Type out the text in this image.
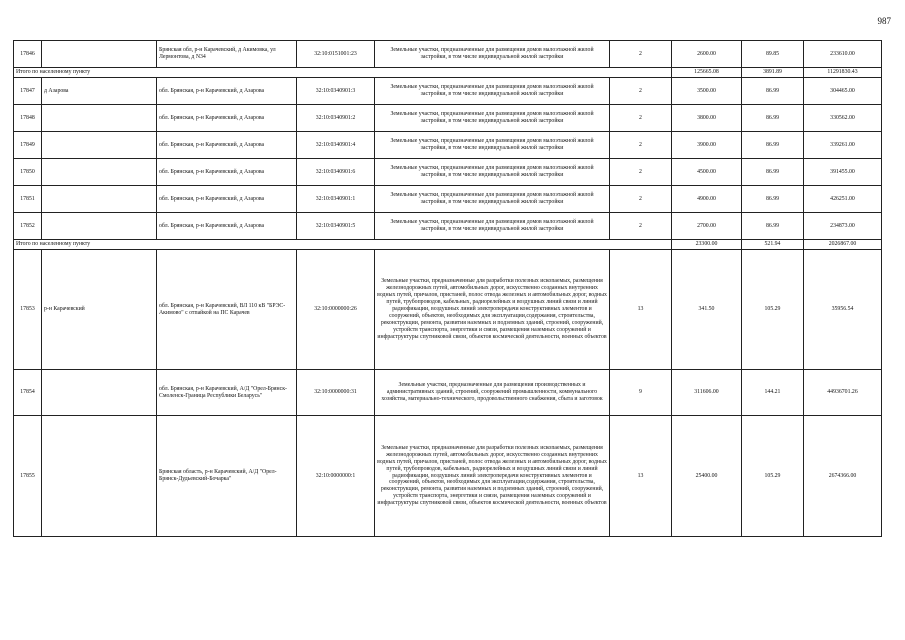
987
17846		Брянская обл, р-н Карачевский, д Акимовка, ул Лермонтова, д N34	32:10:0151001:23	Земельные участки, предназначенные для размещения домов малоэтажной жилой застройки, в том числе индивидуальной жилой застройки	2	2600.00	89.85	233610.00
Итого по населенному пункту						125665.08	3891.89	11291830.43
17847	д Азарова	обл. Брянская, р-н Карачевский, д Азарова	32:10:0340901:3	Земельные участки, предназначенные для размещения домов малоэтажной жилой застройки, в том числе индивидуальной жилой застройки	2	3500.00	86.99	304465.00
17848		обл. Брянская, р-н Карачевский, д Азарова	32:10:0340901:2	Земельные участки, предназначенные для размещения домов малоэтажной жилой застройки, в том числе индивидуальной жилой застройки	2	3800.00	86.99	330562.00
17849		обл. Брянская, р-н Карачевский, д Азарова	32:10:0340901:4	Земельные участки, предназначенные для размещения домов малоэтажной жилой застройки, в том числе индивидуальной жилой застройки	2	3900.00	86.99	339261.00
17850		обл. Брянская, р-н Карачевский, д Азарова	32:10:0340901:6	Земельные участки, предназначенные для размещения домов малоэтажной жилой застройки, в том числе индивидуальной жилой застройки	2	4500.00	86.99	391455.00
17851		обл. Брянская, р-н Карачевский, д Азарова	32:10:0340901:1	Земельные участки, предназначенные для размещения домов малоэтажной жилой застройки, в том числе индивидуальной жилой застройки	2	4900.00	86.99	426251.00
17852		обл. Брянская, р-н Карачевский, д Азарова	32:10:0340901:5	Земельные участки, предназначенные для размещения домов малоэтажной жилой застройки, в том числе индивидуальной жилой застройки	2	2700.00	86.99	234873.00
Итого по населенному пункту						23300.00	521.94	2026867.00
17853	р-н Карачевский	обл. Брянская, р-н Карачевский, ВЛ 110 кВ "БРЭС-Акимово" с отпайкой на ПС Карачев	32:10:0000000:26	Земельные участки, предназначенные для разработки полезных ископаемых, размещения железнодорожных путей, автомобильных дорог, искусственно созданных внутренних водных путей, причалов, пристаней, полос отвода железных и автомобильных дорог, водных путей, трубопроводов, кабельных, радиорелейных и воздушных линий связи и линий радиофикации, воздушных линий электропередачи конструктивных элементов и сооружений, объектов, необходимых для эксплуатации,содержания, строительства, реконструкции, ремонта, развития наземных и подземных зданий, строений, сооружений, устройств транспорта, энергетики и связи, размещения наземных сооружений и инфраструктуры спутниковой связи, объектов космической деятельности, военных объектов	13	341.50	105.29	35956.54
17854		обл. Брянская, р-н Карачевский, А/Д "Орел-Брянск-Смоленск-Граница Республики Беларусь"	32:10:0000000:31	Земельные участки, предназначенные для размещения производственных и административных зданий, строений, сооружений промышленности, коммунального хозяйства, материально-технического, продовольственного снабжения, сбыта и заготовок	9	311606.00	144.21	44936701.26
17855		Брянская область, р-н Карачевский, А/Д "Орел-Брянск-Дудьевский-Бочарка"	32:10:0000000:1	Земельные участки, предназначенные для разработки полезных ископаемых, размещения железнодорожных путей, автомобильных дорог, искусственно созданных внутренних водных путей, причалов, пристаней, полос отвода железных и автомобильных дорог, водных путей, трубопроводов, кабельных, радиорелейных и воздушных линий связи и линий радиофикации, воздушных линий электропередачи конструктивных элементов и сооружений, объектов, необходимых для эксплуатации,содержания, строительства, реконструкции, ремонта, развития наземных и подземных зданий, строений, сооружений, устройств транспорта, энергетики и связи, размещения наземных сооружений и инфраструктуры спутниковой связи, объектов космической деятельности, военных объектов	13	25400.00	105.29	2674366.00
